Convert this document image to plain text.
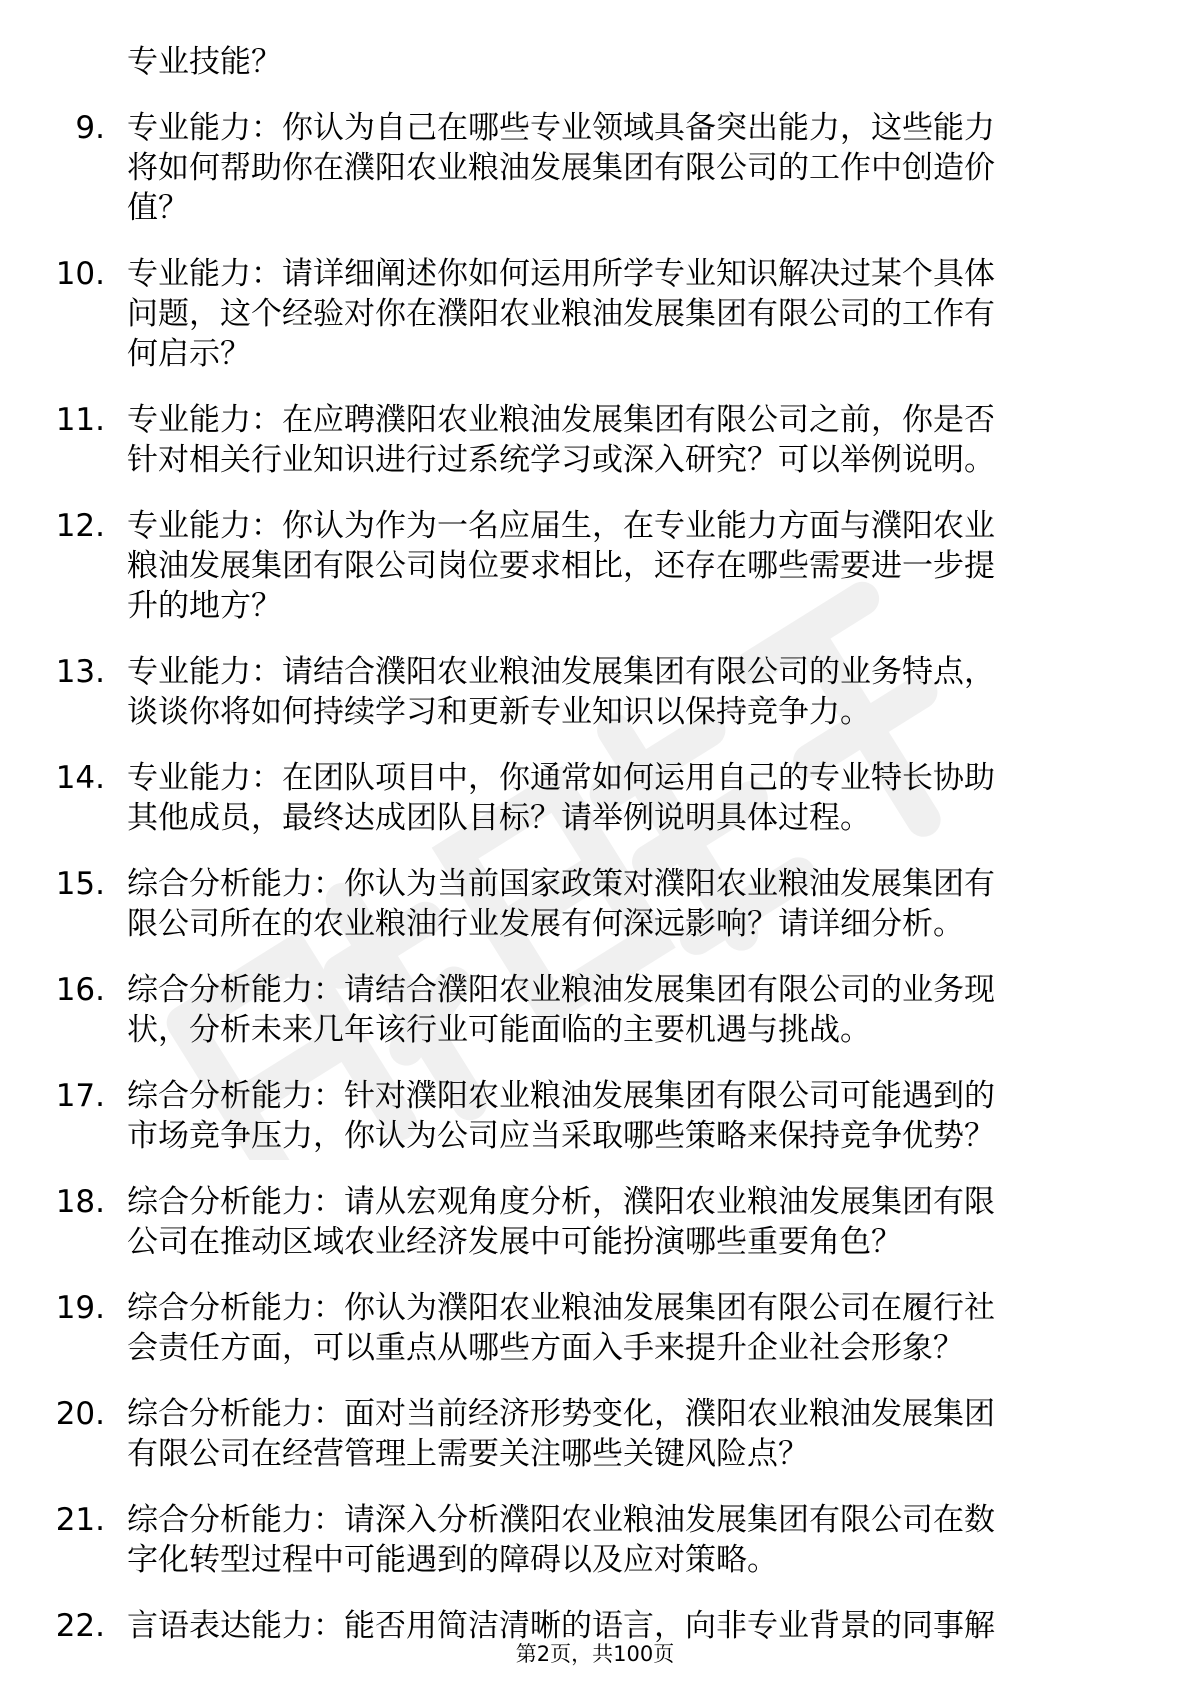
专业技能？
9. 专业能力：你认为自己在哪些专业领域具备突出能力，这些能力
将如何帮助你在濮阳农业粮油发展集团有限公司的工作中创造价
值？
10. 专业能力：请详细阐述你如何运用所学专业知识解决过某个具体
问题，这个经验对你在濮阳农业粮油发展集团有限公司的工作有
何启示？
11. 专业能力：在应聘濮阳农业粮油发展集团有限公司之前，你是否
针对相关行业知识进行过系统学习或深入研究？可以举例说明。
12. 专业能力：你认为作为一名应届生，在专业能力方面与濮阳农业
粮油发展集团有限公司岗位要求相比，还存在哪些需要进一步提
升的地方？
13. 专业能力：请结合濮阳农业粮油发展集团有限公司的业务特点，
谈谈你将如何持续学习和更新专业知识以保持竞争力。
14. 专业能力：在团队项目中，你通常如何运用自己的专业特长协助
其他成员，最终达成团队目标？请举例说明具体过程。
15. 综合分析能力：你认为当前国家政策对濮阳农业粮油发展集团有
限公司所在的农业粮油行业发展有何深远影响？请详细分析。
16. 综合分析能力：请结合濮阳农业粮油发展集团有限公司的业务现
状，分析未来几年该行业可能面临的主要机遇与挑战。
17. 综合分析能力：针对濮阳农业粮油发展集团有限公司可能遇到的
市场竞争压力，你认为公司应当采取哪些策略来保持竞争优势？
18. 综合分析能力：请从宏观角度分析，濮阳农业粮油发展集团有限
公司在推动区域农业经济发展中可能扮演哪些重要角色？
19. 综合分析能力：你认为濮阳农业粮油发展集团有限公司在履行社
会责任方面，可以重点从哪些方面入手来提升企业社会形象？
20. 综合分析能力：面对当前经济形势变化，濮阳农业粮油发展集团
有限公司在经营管理上需要关注哪些关键风险点？
21. 综合分析能力：请深入分析濮阳农业粮油发展集团有限公司在数
字化转型过程中可能遇到的障碍以及应对策略。
22. 言语表达能力：能否用简洁清晰的语言，向非专业背景的同事解
第2页，共100页
